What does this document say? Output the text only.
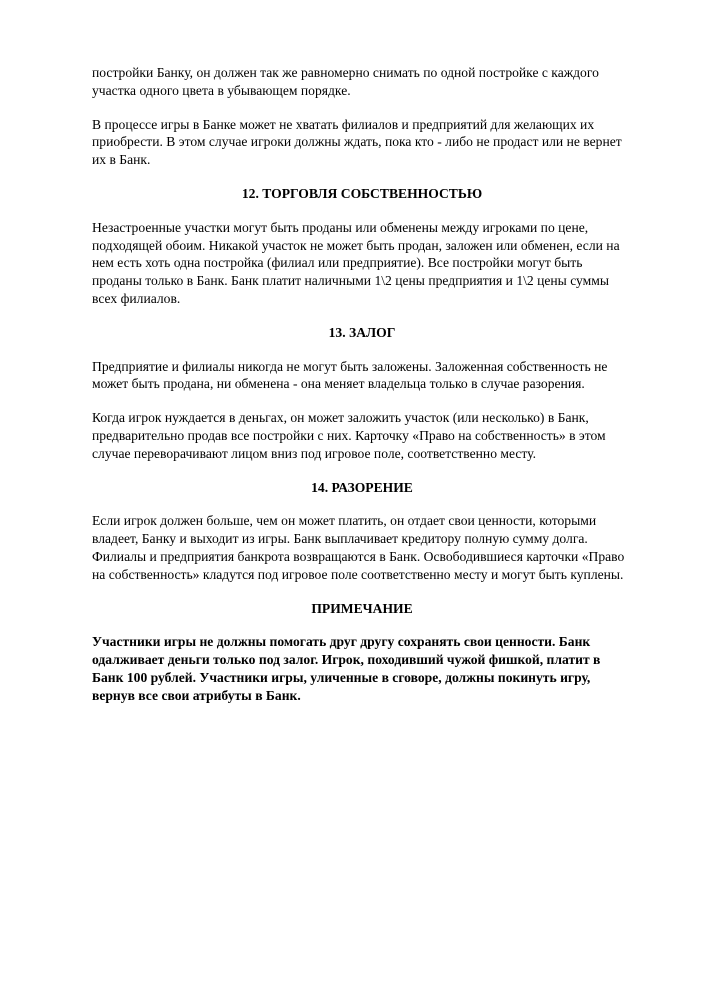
постройки Банку, он должен так же равномерно снимать по одной постройке с каждого
участка одного цвета в убывающем порядке.

В процессе игры в Банке может не хватать филиалов и предприятий для желающих их
приобрести. В этом случае игроки должны ждать, пока кто - либо не продаст или не вернет
их в Банк.

12. ТОРГОВЛЯ СОБСТВЕННОСТЬЮ

Незастроенные участки могут быть проданы или обменены между игроками по цене,
подходящей обоим. Никакой участок не может быть продан, заложен или обменен, если на
нем есть хоть одна постройка (филиал или предприятие). Все постройки могут быть
проданы только в Банк. Банк платит наличными 1\2 цены предприятия и 1\2 цены суммы
всех филиалов.

13. ЗАЛОГ

Предприятие и филиалы никогда не могут быть заложены. Заложенная собственность не
может быть продана, ни обменена - она меняет владельца только в случае разорения.

Когда игрок нуждается в деньгах, он может заложить участок (или несколько) в Банк,
предварительно продав все постройки с них. Карточку «Право на собственность» в этом
случае переворачивают лицом вниз под игровое поле, соответственно месту.

14. РАЗОРЕНИЕ

Если игрок должен больше, чем он может платить, он отдает свои ценности, которыми
владеет, Банку и выходит из игры. Банк выплачивает кредитору полную сумму долга.
Филиалы и предприятия банкрота возвращаются в Банк. Освободившиеся карточки «Право
на собственность» кладутся под игровое поле соответственно месту и могут быть куплены.

ПРИМЕЧАНИЕ

Участники игры не должны помогать друг другу сохранять свои ценности. Банк
одалживает деньги только под залог. Игрок, походивший чужой фишкой, платит в
Банк 100 рублей. Участники игры, уличенные в сговоре, должны покинуть игру,
вернув все свои атрибуты в Банк.
